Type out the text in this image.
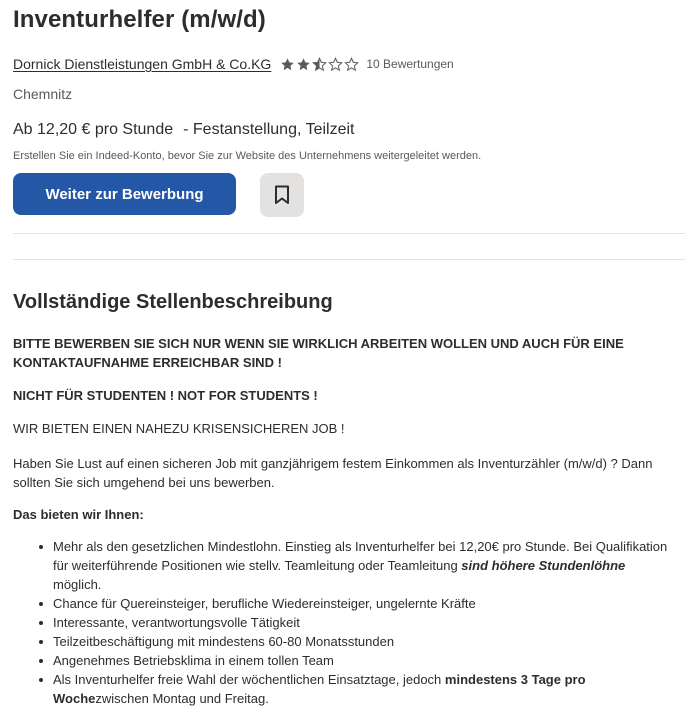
Inventurhelfer (m/w/d)
Dornick Dienstleistungen GmbH & Co.KG	10 Bewertungen
Chemnitz
Ab 12,20 € pro Stunde - Festanstellung, Teilzeit
Erstellen Sie ein Indeed-Konto, bevor Sie zur Website des Unternehmens weitergeleitet werden.
Weiter zur Bewerbung
Vollständige Stellenbeschreibung
BITTE BEWERBEN SIE SICH NUR WENN SIE WIRKLICH ARBEITEN WOLLEN UND AUCH FÜR EINE KONTAKTAUFNAHME ERREICHBAR SIND !
NICHT FÜR STUDENTEN ! NOT FOR STUDENTS !
WIR BIETEN EINEN NAHEZU KRISENSICHEREN JOB !
Haben Sie Lust auf einen sicheren Job mit ganzjährigem festem Einkommen als Inventurzähler (m/w/d) ? Dann sollten Sie sich umgehend bei uns bewerben.
Das bieten wir Ihnen:
Mehr als den gesetzlichen Mindestlohn. Einstieg als Inventurhelfer bei 12,20€ pro Stunde. Bei Qualifikation für weiterführende Positionen wie stellv. Teamleitung oder Teamleitung sind höhere Stundenlöhne möglich.
Chance für Quereinsteiger, berufliche Wiedereinsteiger, ungelernte Kräfte
Interessante, verantwortungsvolle Tätigkeit
Teilzeitbeschäftigung mit mindestens 60-80 Monatsstunden
Angenehmes Betriebsklima in einem tollen Team
Als Inventurhelfer freie Wahl der wöchentlichen Einsatztage, jedoch mindestens 3 Tage pro Wochezwischen Montag und Freitag.
